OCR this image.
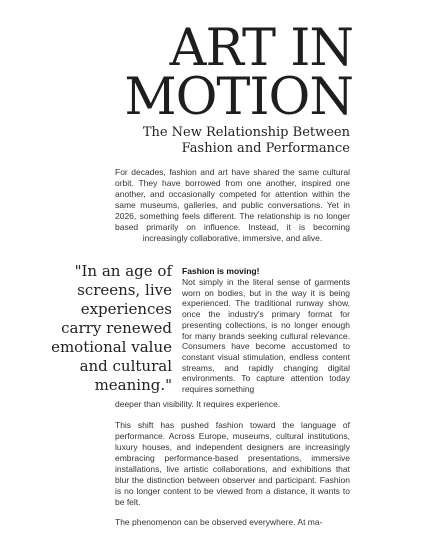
ART IN
MOTION
The New Relationship Between
Fashion and Performance

For decades, fashion and art have shared the same cultural orbit. They have borrowed from one another, inspired one another, and occasionally competed for attention within the same museums, galleries, and public conversations. Yet in 2026, something feels different. The relationship is no longer based primarily on influence. Instead, it is becoming increasingly collaborative, immersive, and alive.

"In an age of screens, live experiences carry renewed emotional value and cultural meaning."
Fashion is moving!

Not simply in the literal sense of garments worn on bodies, but in the way it is being experienced. The traditional runway show, once the industry's primary format for presenting collections, is no longer enough for many brands seeking cultural relevance. Consumers have become accustomed to constant visual stimulation, endless content streams, and rapidly changing digital environments. To capture attention today requires something

deeper than visibility. It requires experience.

This shift has pushed fashion toward the language of performance. Across Europe, museums, cultural institutions, luxury houses, and independent designers are increasingly embracing performance-based presentations, immersive installations, live artistic collaborations, and exhibitions that blur the distinction between observer and participant. Fashion is no longer content to be viewed from a distance, it wants to be felt.

The phenomenon can be observed everywhere. At ma-
